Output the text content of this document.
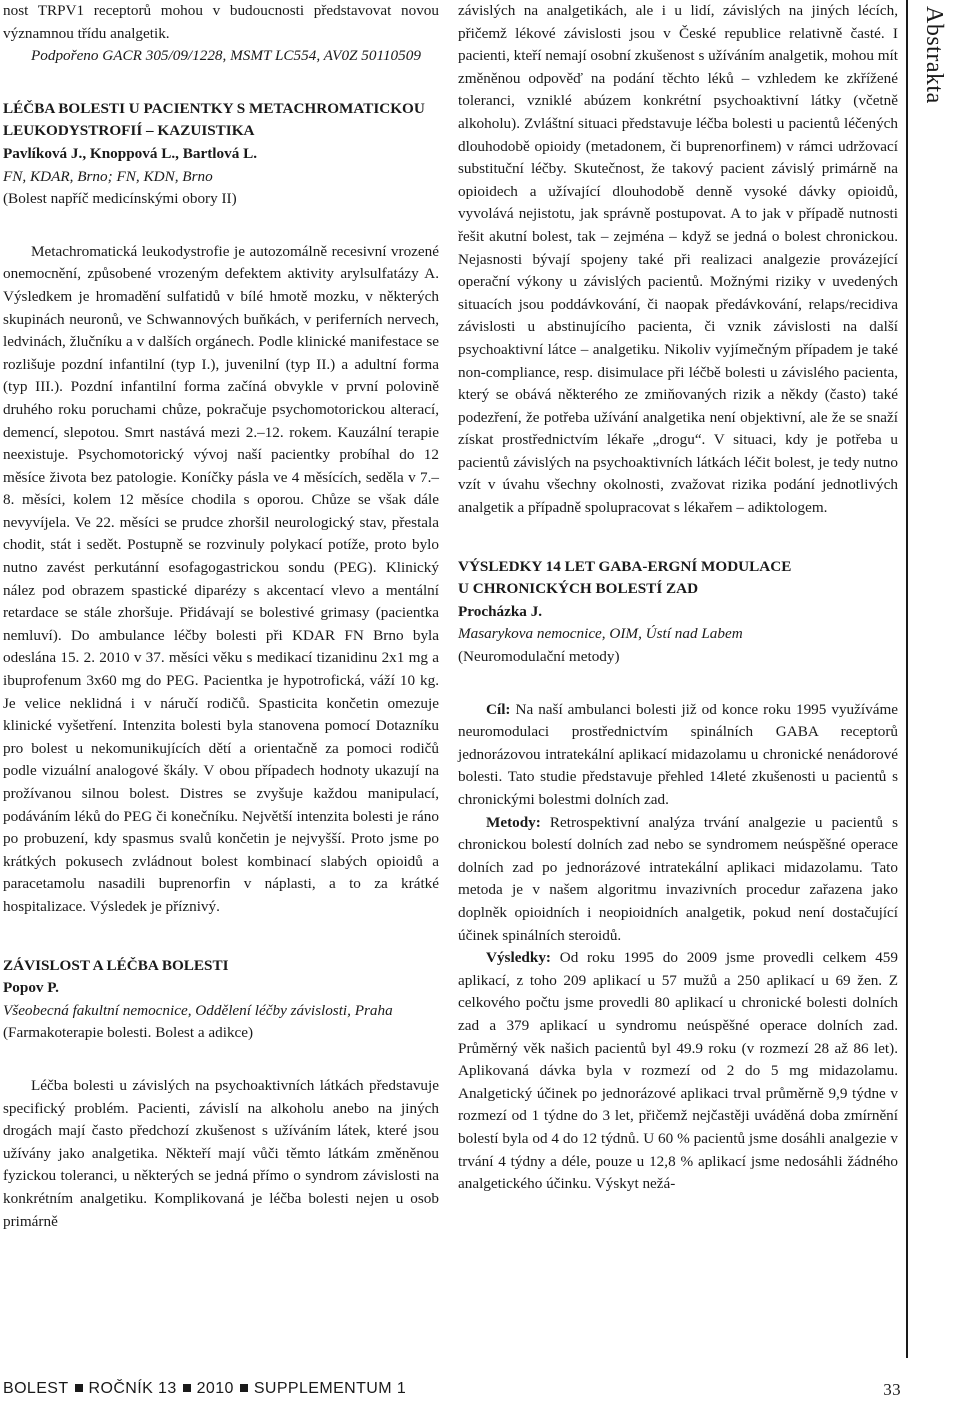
nost TRPV1 receptorů mohou v budoucnosti představovat novou významnou třídu analgetik.

Podpořeno GACR 305/09/1228, MSMT LC554, AV0Z 50110509

LÉČBA BOLESTI U PACIENTKY S METACHROMATICKOU LEUKODYSTROFIÍ – KAZUISTIKA

Pavlíková J., Knoppová L., Bartlová L.

FN, KDAR, Brno; FN, KDN, Brno

(Bolest napříč medicínskými obory II)

Metachromatická leukodystrofie je autozomálně recesivní vrozené onemocnění, způsobené vrozeným defektem aktivity arylsulfatázy A. Výsledkem je hromadění sulfatidů v bílé hmotě mozku, v některých skupinách neuronů, ve Schwannových buňkách, v periferních nervech, ledvinách, žlučníku a v dalších orgánech. Podle klinické manifestace se rozlišuje pozdní infantilní (typ I.), juvenilní (typ II.) a adultní forma (typ III.). Pozdní infantilní forma začíná obvykle v první polovině druhého roku poruchami chůze, pokračuje psychomotorickou alterací, demencí, slepotou. Smrt nastává mezi 2.–12. rokem. Kauzální terapie neexistuje. Psychomotorický vývoj naší pacientky probíhal do 12 měsíce života bez patologie. Koníčky pásla ve 4 měsících, seděla v 7.–8. měsíci, kolem 12 měsíce chodila s oporou. Chůze se však dále nevyvíjela. Ve 22. měsíci se prudce zhoršil neurologický stav, přestala chodit, stát i sedět. Postupně se rozvinuly polykací potíže, proto bylo nutno zavést perkutánní esofagogastrickou sondu (PEG). Klinický nález pod obrazem spastické diparézy s akcentací vlevo a mentální retardace se stále zhoršuje. Přidávají se bolestivé grimasy (pacientka nemluví). Do ambulance léčby bolesti při KDAR FN Brno byla odeslána 15. 2. 2010 v 37. měsíci věku s medikací tizanidinu 2x1 mg a ibuprofenum 3x60 mg do PEG. Pacientka je hypotrofická, váží 10 kg. Je velice neklidná i v náručí rodičů. Spasticita končetin omezuje klinické vyšetření. Intenzita bolesti byla stanovena pomocí Dotazníku pro bolest u nekomunikujících dětí a orientačně za pomoci rodičů podle vizuální analogové škály. V obou případech hodnoty ukazují na prožívanou silnou bolest. Distres se zvyšuje každou manipulací, podáváním léků do PEG či konečníku. Největší intenzita bolesti je ráno po probuzení, kdy spasmus svalů končetin je nejvyšší. Proto jsme po krátkých pokusech zvládnout bolest kombinací slabých opioidů a paracetamolu nasadili buprenorfin v náplasti, a to za krátké hospitalizace. Výsledek je příznivý.

ZÁVISLOST A LÉČBA BOLESTI

Popov P.

Všeobecná fakultní nemocnice, Oddělení léčby závislosti, Praha

(Farmakoterapie bolesti. Bolest a adikce)

Léčba bolesti u závislých na psychoaktivních látkách představuje specifický problém. Pacienti, závislí na alkoholu anebo na jiných drogách mají často předchozí zkušenost s užíváním látek, které jsou užívány jako analgetika. Někteří mají vůči těmto látkám změněnou fyzickou toleranci, u některých se jedná přímo o syndrom závislosti na konkrétním analgetiku. Komplikovaná je léčba bolesti nejen u osob primárně

závislých na analgetikách, ale i u lidí, závislých na jiných lécích, přičemž lékové závislosti jsou v České republice relativně časté. I pacienti, kteří nemají osobní zkušenost s užíváním analgetik, mohou mít změněnou odpověď na podání těchto léků – vzhledem ke zkřížené toleranci, vzniklé abúzem konkrétní psychoaktivní látky (včetně alkoholu). Zvláštní situaci představuje léčba bolesti u pacientů léčených dlouhodobě opioidy (metadonem, či buprenorfinem) v rámci udržovací substituční léčby. Skutečnost, že takový pacient závislý primárně na opioidech a užívající dlouhodobě denně vysoké dávky opioidů, vyvolává nejistotu, jak správně postupovat. A to jak v případě nutnosti řešit akutní bolest, tak – zejména – když se jedná o bolest chronickou. Nejasnosti bývají spojeny také při realizaci analgezie provázející operační výkony u závislých pacientů. Možnými riziky v uvedených situacích jsou poddávkování, či naopak předávkování, relaps/recidiva závislosti u abstinujícího pacienta, či vznik závislosti na další psychoaktivní látce – analgetiku. Nikoliv vyjímečným případem je také non-compliance, resp. disimulace při léčbě bolesti u závislého pacienta, který se obává některého ze zmiňovaných rizik a někdy (často) také podezření, že potřeba užívání analgetika není objektivní, ale že se snaží získat prostřednictvím lékaře „drogu“. V situaci, kdy je potřeba u pacientů závislých na psychoaktivních látkách léčit bolest, je tedy nutno vzít v úvahu všechny okolnosti, zvažovat rizika podání jednotlivých analgetik a případně spolupracovat s lékařem – adiktologem.

VÝSLEDKY 14 LET GABA-ERGNÍ MODULACE

U CHRONICKÝCH BOLESTÍ ZAD

Procházka J.

Masarykova nemocnice, OIM, Ústí nad Labem

(Neuromodulační metody)

Cíl: Na naší ambulanci bolesti již od konce roku 1995 využíváme neuromodulaci prostřednictvím spinálních GABA receptorů jednorázovou intratekální aplikací midazolamu u chronické nenádorové bolesti. Tato studie představuje přehled 14leté zkušenosti u pacientů s chronickými bolestmi dolních zad.

Metody: Retrospektivní analýza trvání analgezie u pacientů s chronickou bolestí dolních zad nebo se syndromem neúspěšné operace dolních zad po jednorázové intratekální aplikaci midazolamu. Tato metoda je v našem algoritmu invazivních procedur zařazena jako doplněk opioidních i neopioidních analgetik, pokud není dostačující účinek spinálních steroidů.

Výsledky: Od roku 1995 do 2009 jsme provedli celkem 459 aplikací, z toho 209 aplikací u 57 mužů a 250 aplikací u 69 žen. Z celkového počtu jsme provedli 80 aplikací u chronické bolesti dolních zad a 379 aplikací u syndromu neúspěšné operace dolních zad. Průměrný věk našich pacientů byl 49.9 roku (v rozmezí 28 až 86 let). Aplikovaná dávka byla v rozmezí od 2 do 5 mg midazolamu. Analgetický účinek po jednorázové aplikaci trval průměrně 9,9 týdne v rozmezí od 1 týdne do 3 let, přičemž nejčastěji uváděná doba zmírnění bolestí byla od 4 do 12 týdnů. U 60 % pacientů jsme dosáhli analgezie v trvání 4 týdny a déle, pouze u 12,8 % aplikací jsme nedosáhli žádného analgetického účinku. Výskyt nežá-

Abstrakta
BOLEST ROČNÍK 13 2010 SUPPLEMENTUM 1	33
